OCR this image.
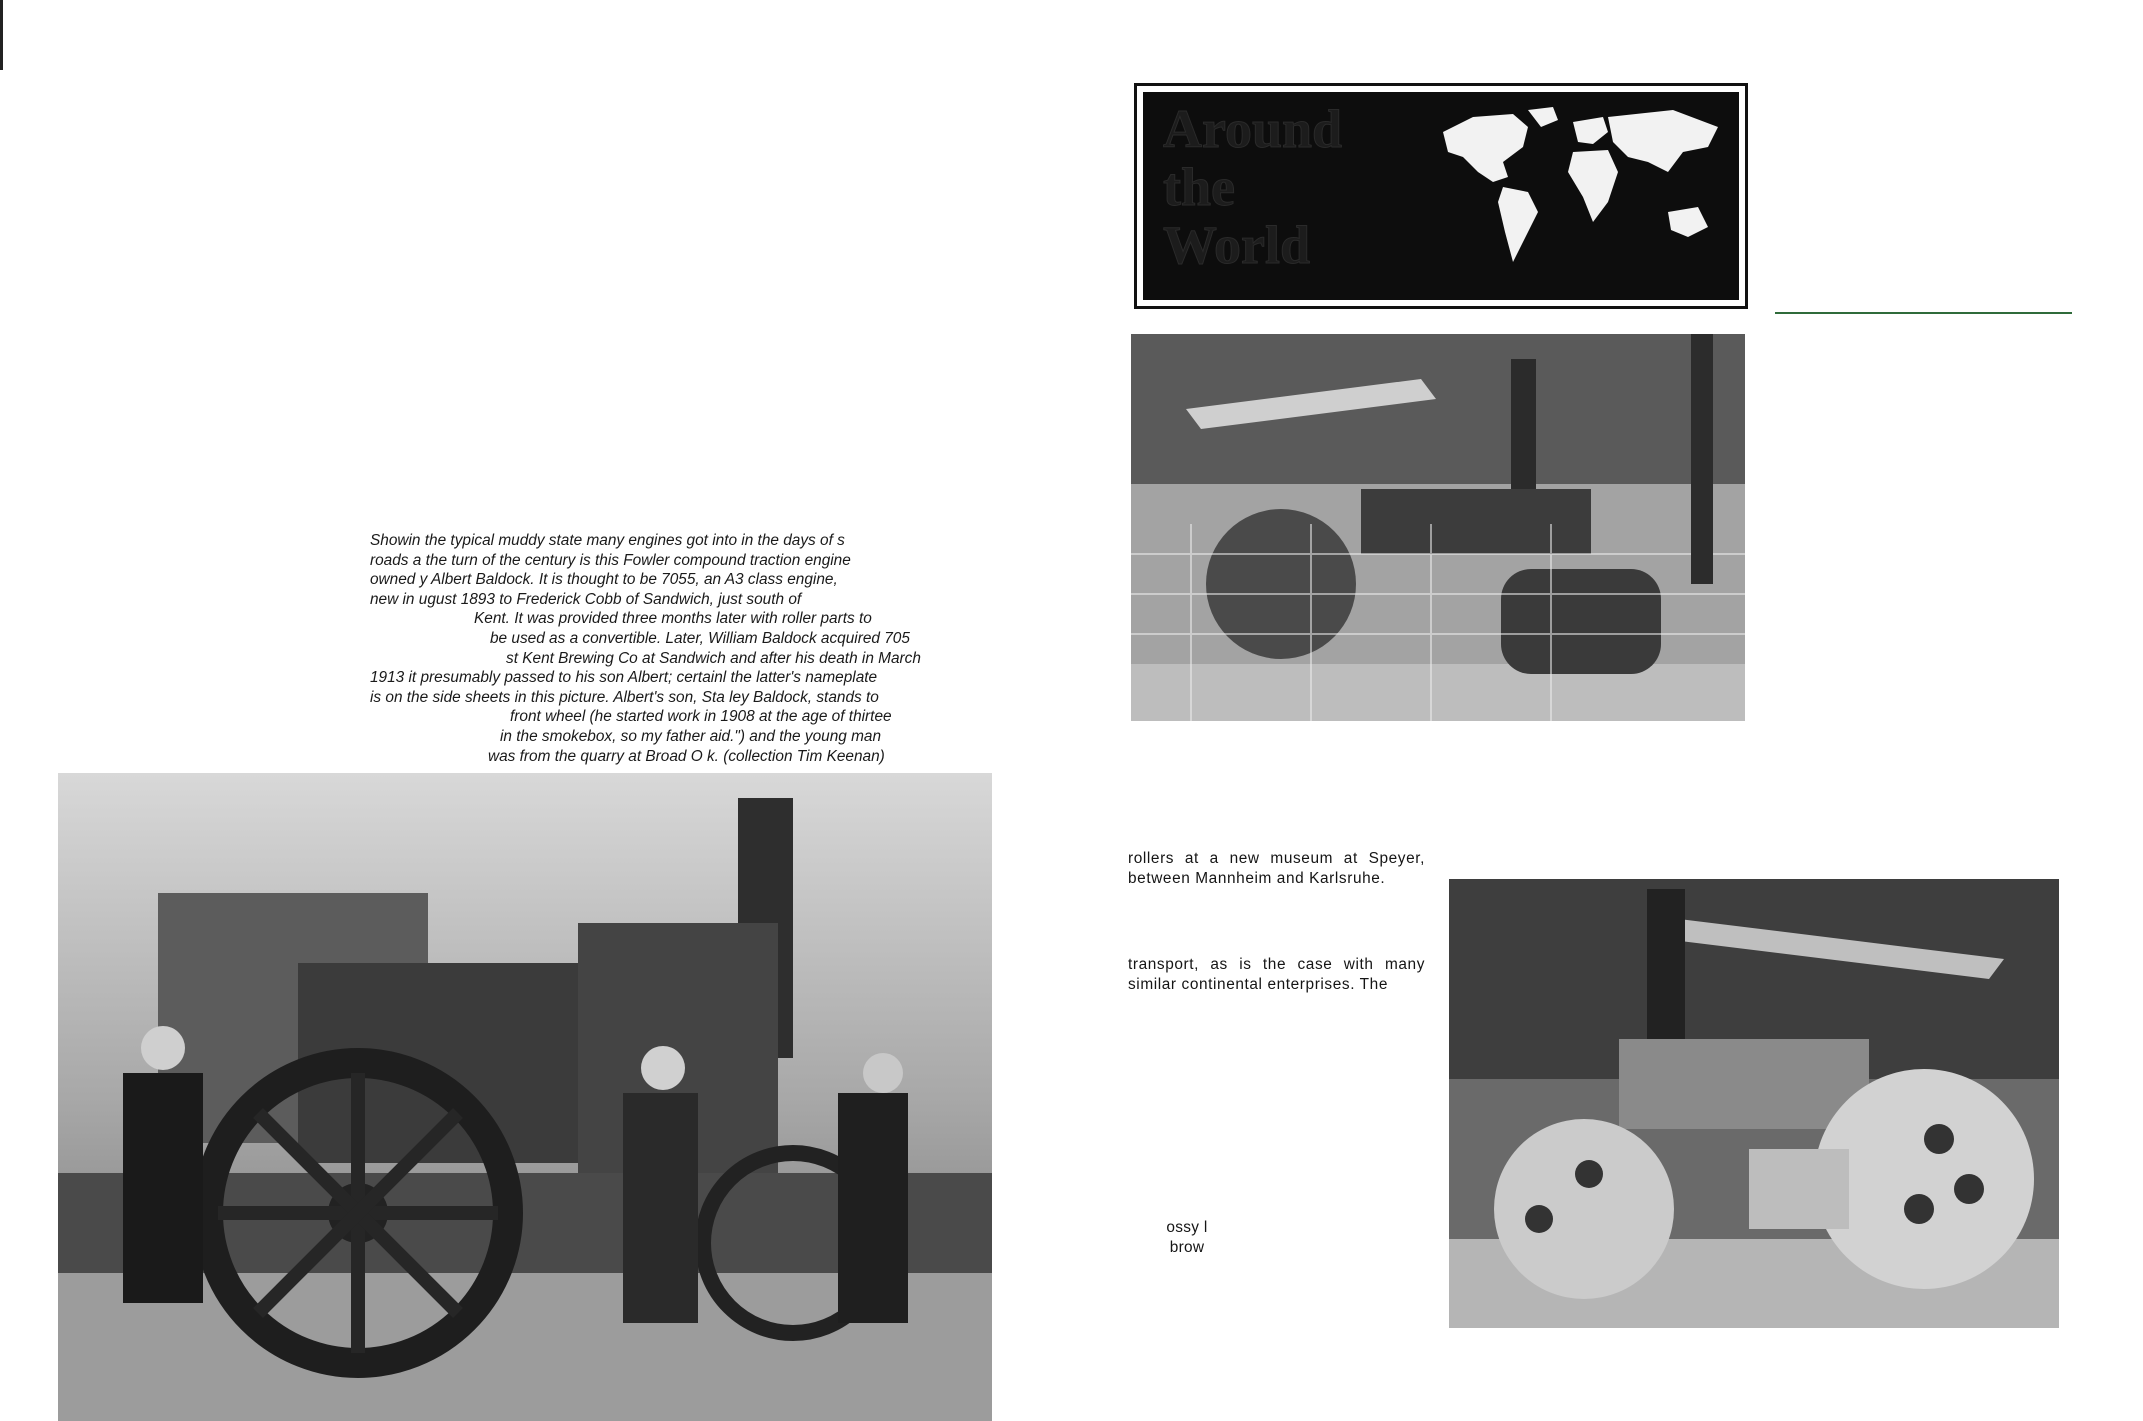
Showin the typical muddy state many engines got into in the days of s
roads a the turn of the century is this Fowler compound traction engine
owned y Albert Baldock. It is thought to be 7055, an A3 class engine,
new in ugust 1893 to Frederick Cobb of Sandwich, just south of
Kent. It was provided three months later with roller parts to
be used as a convertible. Later, William Baldock acquired 705
st Kent Brewing Co at Sandwich and after his death in March
1913 it presumably passed to his son Albert; certainl the latter's nameplate
is on the side sheets in this picture. Albert's son, Sta ley Baldock, stands to
front wheel (he started work in 1908 at the age of thirtee
in the smokebox, so my father aid.") and the young man
was from the quarry at Broad O k. (collection Tim Keenan)
Around
the
World
rollers at a new museum at Speyer, between Mannheim and Karlsruhe.
transport, as is the case with many similar continental enterprises. The
ossy l brow
